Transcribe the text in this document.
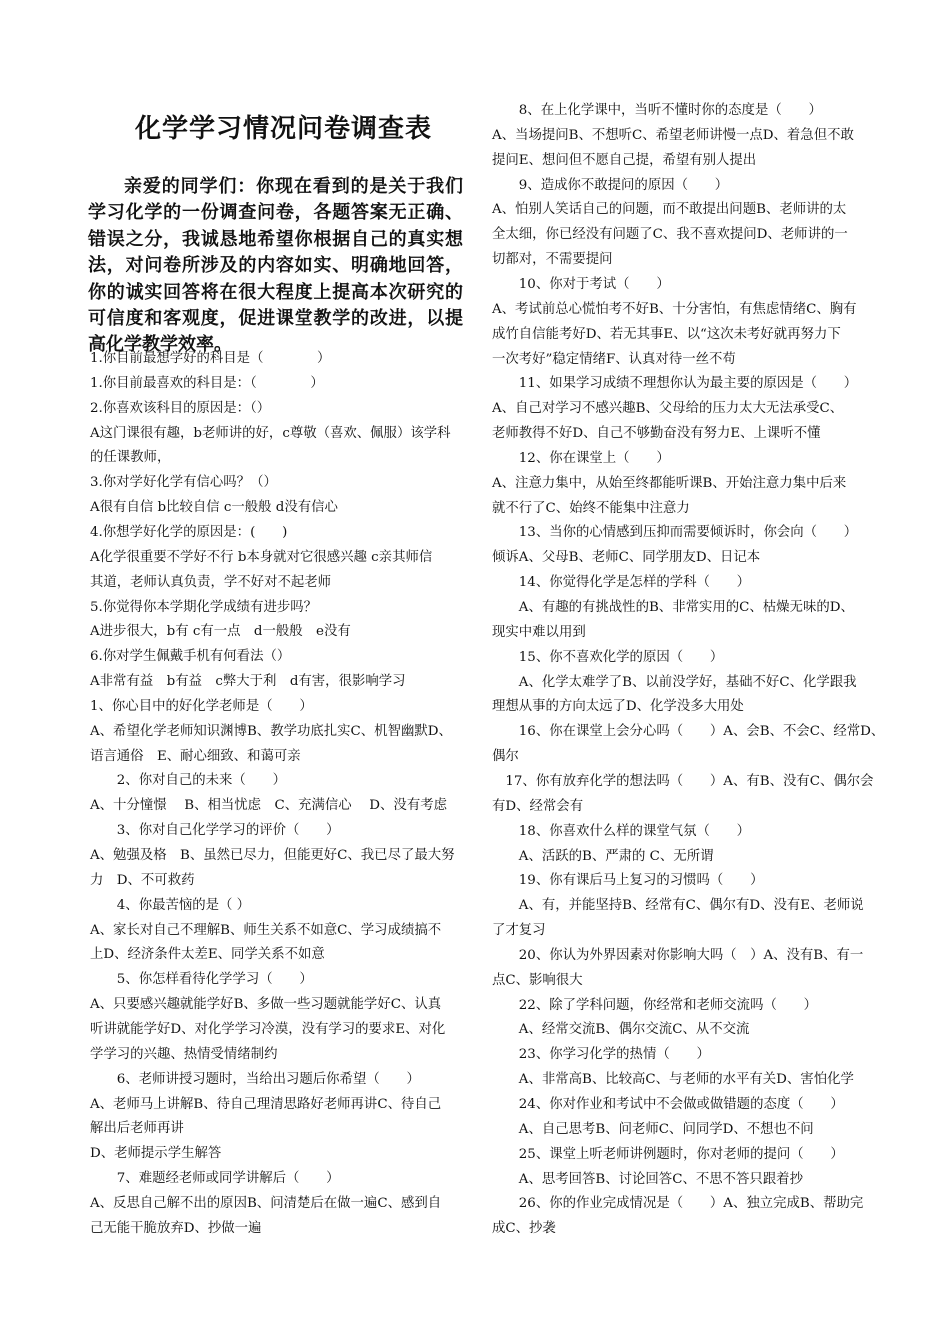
化学学习情况问卷调查表
亲爱的同学们：你现在看到的是关于我们学习化学的一份调查问卷，各题答案无正确、错误之分，我诚恳地希望你根据自己的真实想法，对问卷所涉及的内容如实、明确地回答，你的诚实回答将在很大程度上提高本次研究的可信度和客观度，促进课堂教学的改进，以提高化学教学效率。
1.你目前最想学好的科目是（　　　　）
1.你目前最喜欢的科目是：（　　　　）
2.你喜欢该科目的原因是：（）
A这门课很有趣，b老师讲的好，c尊敬（喜欢、佩服）该学科
的任课教师，
3.你对学好化学有信心吗？（）
A很有自信 b比较自信 c一般般 d没有信心
4.你想学好化学的原因是：(　　)
A化学很重要不学好不行 b本身就对它很感兴趣 c亲其师信
其道，老师认真负责，学不好对不起老师
5.你觉得你本学期化学成绩有进步吗？
A进步很大，b有 c有一点　d一般般　e没有
6.你对学生佩戴手机有何看法（）
A非常有益　b有益　c弊大于利　d有害，很影响学习
1、你心目中的好化学老师是（　　）
A、希望化学老师知识渊博B、教学功底扎实C、机智幽默D、
语言通俗　E、耐心细致、和蔼可亲
　　2、你对自己的未来（　　）
A、十分憧憬　 B、相当忧虑　C、充满信心　 D、没有考虑
　　3、你对自己化学学习的评价（　　）
A、勉强及格　B、虽然已尽力，但能更好C、我已尽了最大努
力　D、不可救药
　　4、你最苦恼的是（ ）
A、家长对自己不理解B、师生关系不如意C、学习成绩搞不
上D、经济条件太差E、同学关系不如意
　　5、你怎样看待化学学习（　　）
A、只要感兴趣就能学好B、多做一些习题就能学好C、认真
听讲就能学好D、对化学学习冷漠，没有学习的要求E、对化
学学习的兴趣、热情受情绪制约
　　6、老师讲授习题时，当给出习题后你希望（　　）
A、老师马上讲解B、待自己理清思路好老师再讲C、待自己
解出后老师再讲
D、老师提示学生解答
　　7、难题经老师或同学讲解后（　　）
A、反思自己解不出的原因B、问清楚后在做一遍C、感到自
己无能干脆放弃D、抄做一遍
　　8、在上化学课中，当听不懂时你的态度是（　　）
A、当场提问B、不想听C、希望老师讲慢一点D、着急但不敢
提问E、想问但不愿自己提，希望有别人提出
　　9、造成你不敢提问的原因（　　）
A、怕别人笑话自己的问题，而不敢提出问题B、老师讲的太
全太细，你已经没有问题了C、我不喜欢提问D、老师讲的一
切都对，不需要提问
　　10、你对于考试（　　）
A、考试前总心慌怕考不好B、十分害怕，有焦虑情绪C、胸有
成竹自信能考好D、若无其事E、以“这次未考好就再努力下
一次考好”稳定情绪F、认真对待一丝不苟
　　11、如果学习成绩不理想你认为最主要的原因是（　　）
A、自己对学习不感兴趣B、父母给的压力太大无法承受C、
老师教得不好D、自己不够勤奋没有努力E、上课听不懂
　　12、你在课堂上（　　）
A、注意力集中，从始至终都能听课B、开始注意力集中后来
就不行了C、始终不能集中注意力
　　13、当你的心情感到压抑而需要倾诉时，你会向（　　）
倾诉A、父母B、老师C、同学朋友D、日记本
　　14、你觉得化学是怎样的学科（　　）
　　A、有趣的有挑战性的B、非常实用的C、枯燥无味的D、
现实中难以用到
　　15、你不喜欢化学的原因（　　）
　　A、化学太难学了B、以前没学好，基础不好C、化学跟我
理想从事的方向太远了D、化学没多大用处
　　16、你在课堂上会分心吗（　　）A、会B、不会C、经常D、
偶尔
　17、你有放弃化学的想法吗（　　）A、有B、没有C、偶尔会
有D、经常会有
　　18、你喜欢什么样的课堂气氛（　　）
　　A、活跃的B、严肃的 C、无所谓
　　19、你有课后马上复习的习惯吗（　　）
　　A、有，并能坚持B、经常有C、偶尔有D、没有E、老师说
了才复习
　　20、你认为外界因素对你影响大吗（　）A、没有B、有一
点C、影响很大
　　22、除了学科问题，你经常和老师交流吗（　　）
　　A、经常交流B、偶尔交流C、从不交流
　　23、你学习化学的热情（　　）
　　A、非常高B、比较高C、与老师的水平有关D、害怕化学
　　24、你对作业和考试中不会做或做错题的态度（　　）
　　A、自己思考B、问老师C、问同学D、不想也不问
　　25、课堂上听老师讲例题时，你对老师的提问（　　）
　　A、思考回答B、讨论回答C、不思不答只跟着抄
　　26、你的作业完成情况是（　　）A、独立完成B、帮助完
成C、抄袭
